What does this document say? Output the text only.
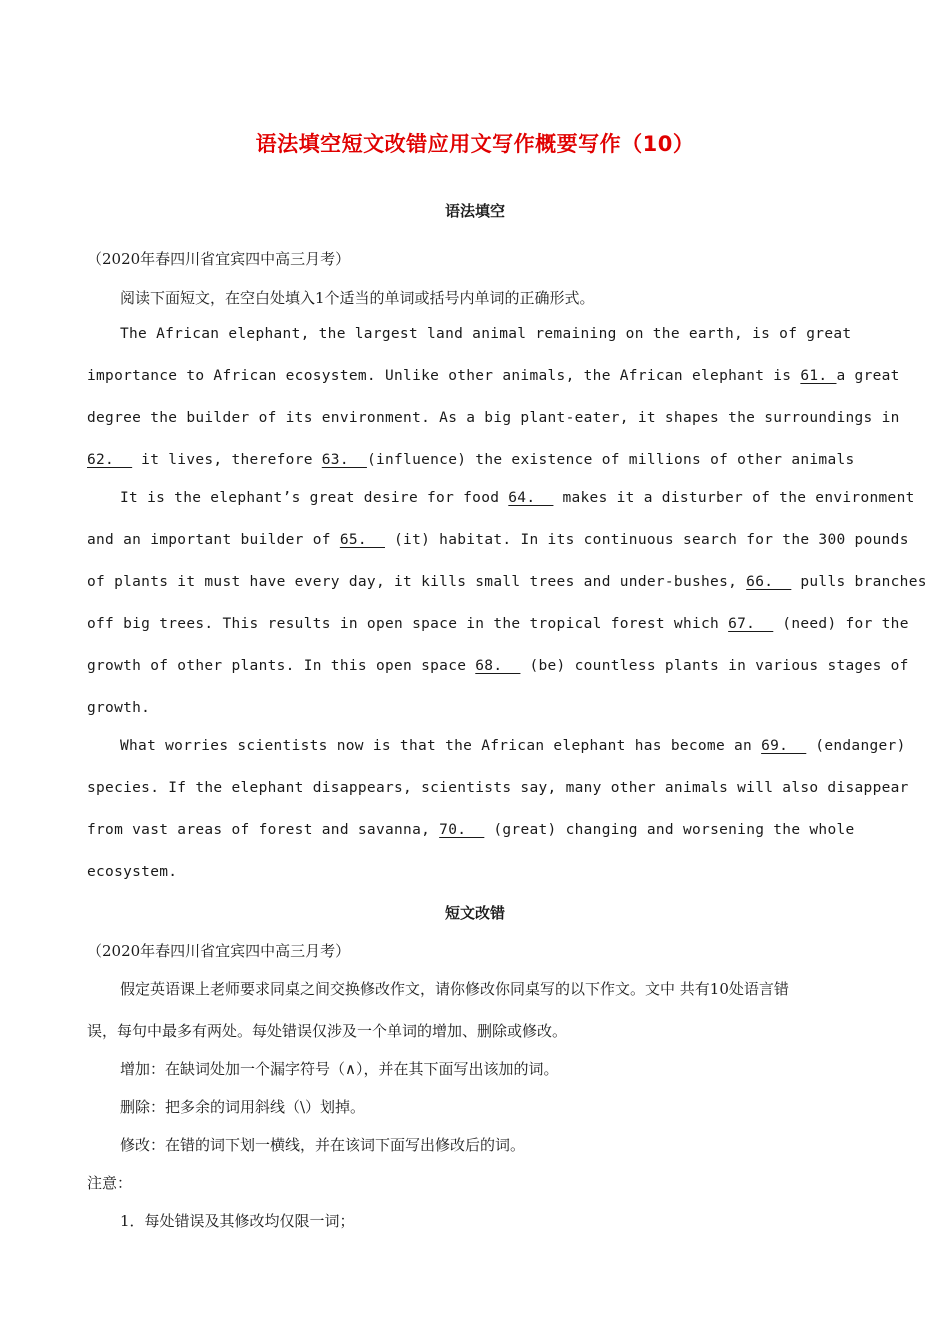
语法填空短文改错应用文写作概要写作（10）
语法填空
（2020年春四川省宜宾四中高三月考）
阅读下面短文，在空白处填入1个适当的单词或括号内单词的正确形式。
The African elephant, the largest land animal remaining on the earth, is of great
importance to African ecosystem. Unlike other animals, the African elephant is 61. a great
degree the builder of its environment. As a big plant-eater, it shapes the surroundings in
62.   it lives, therefore 63.  (influence) the existence of millions of other animals
It is the elephant’s great desire for food 64.   makes it a disturber of the environment
and an important builder of 65.   (it) habitat. In its continuous search for the 300 pounds
of plants it must have every day, it kills small trees and under-bushes, 66.   pulls branches
off big trees. This results in open space in the tropical forest which 67.   (need) for the
growth of other plants. In this open space 68.   (be) countless plants in various stages of
growth.
What worries scientists now is that the African elephant has become an 69.   (endanger)
species. If the elephant disappears, scientists say, many other animals will also disappear
from vast areas of forest and savanna, 70.   (great) changing and worsening the whole
ecosystem.
短文改错
（2020年春四川省宜宾四中高三月考）
假定英语课上老师要求同桌之间交换修改作文，请你修改你同桌写的以下作文。文中 共有10处语言错
误，每句中最多有两处。每处错误仅涉及一个单词的增加、删除或修改。
增加：在缺词处加一个漏字符号（∧），并在其下面写出该加的词。
删除：把多余的词用斜线（\）划掉。
修改：在错的词下划一横线，并在该词下面写出修改后的词。
注意：
1．每处错误及其修改均仅限一词；
